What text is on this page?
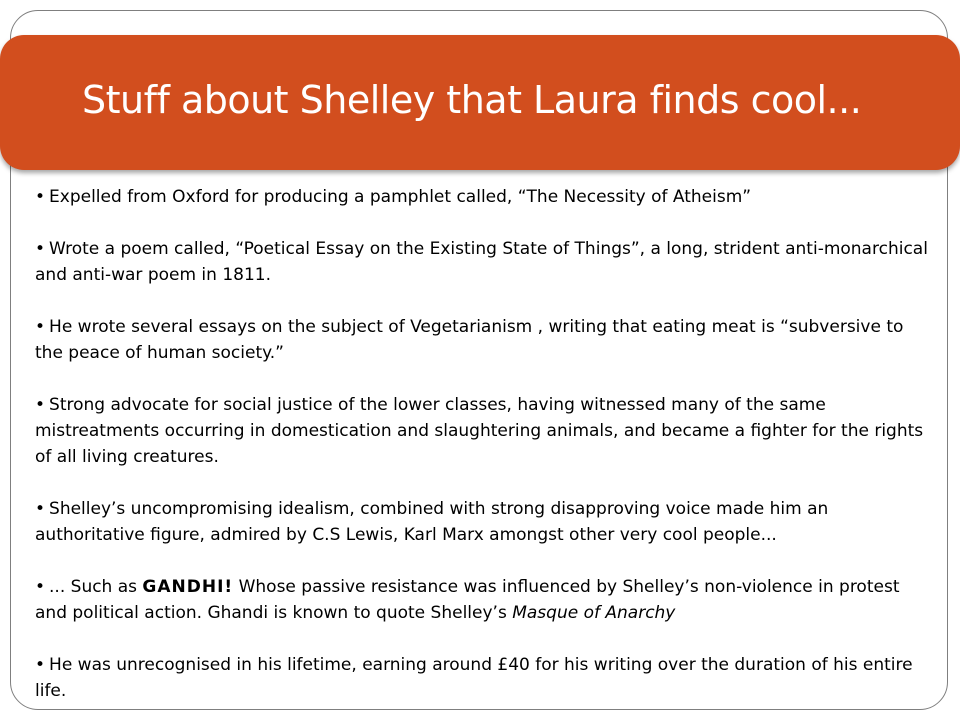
Stuff about Shelley that Laura finds cool...

• Expelled from Oxford for producing a pamphlet called, “The Necessity of Atheism”

• Wrote a poem called, “Poetical Essay on the Existing State of Things”, a long, strident anti-monarchical and anti-war poem in 1811.

• He wrote several essays on the subject of Vegetarianism , writing that eating meat is “subversive to the peace of human society.”

• Strong advocate for social justice of the lower classes, having witnessed many of the same mistreatments occurring in domestication and slaughtering animals, and became a fighter for the rights of all living creatures.

• Shelley’s uncompromising idealism, combined with strong disapproving voice made him an authoritative figure, admired by C.S Lewis, Karl Marx amongst other very cool people...

• ... Such as GANDHI! Whose passive resistance was influenced by Shelley’s non-violence in protest and political action. Ghandi is known to quote Shelley’s Masque of Anarchy

• He was unrecognised in his lifetime, earning around £40 for his writing over the duration of his entire life.
